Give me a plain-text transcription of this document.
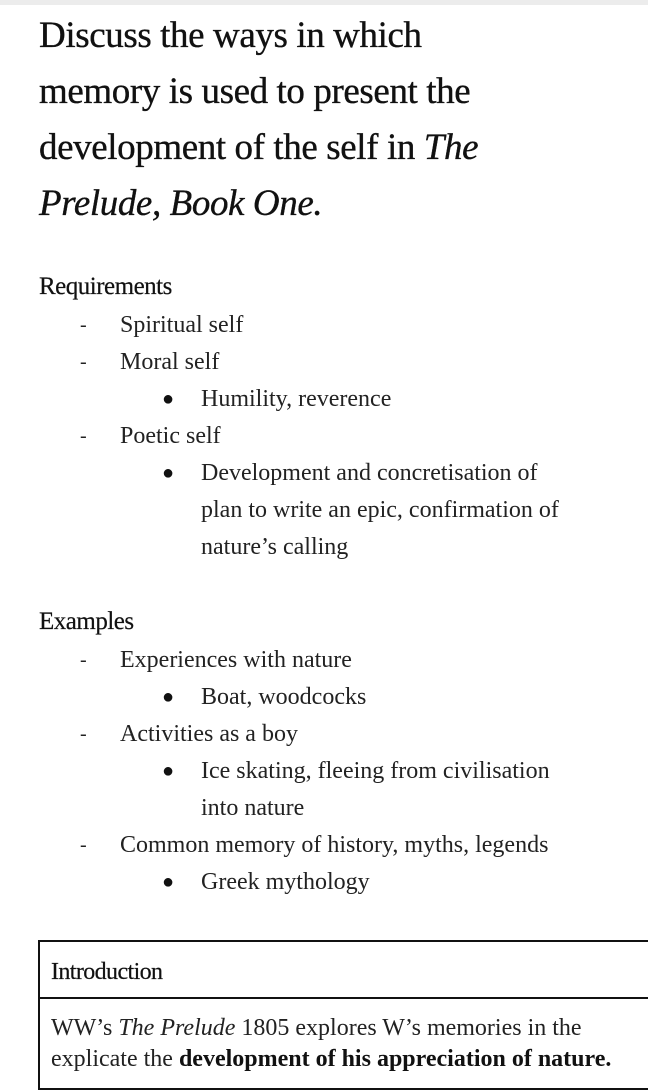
Discuss the ways in which
memory is used to present the
development of the self in The
Prelude, Book One.
Requirements
- Spiritual self
- Moral self
● Humility, reverence
- Poetic self
● Development and concretisation of
plan to write an epic, confirmation of
nature’s calling
Examples
- Experiences with nature
● Boat, woodcocks
- Activities as a boy
● Ice skating, fleeing from civilisation
into nature
- Common memory of history, myths, legends
● Greek mythology
Introduction
WW’s The Prelude 1805 explores W’s memories in the
explicate the development of his appreciation of nature.
